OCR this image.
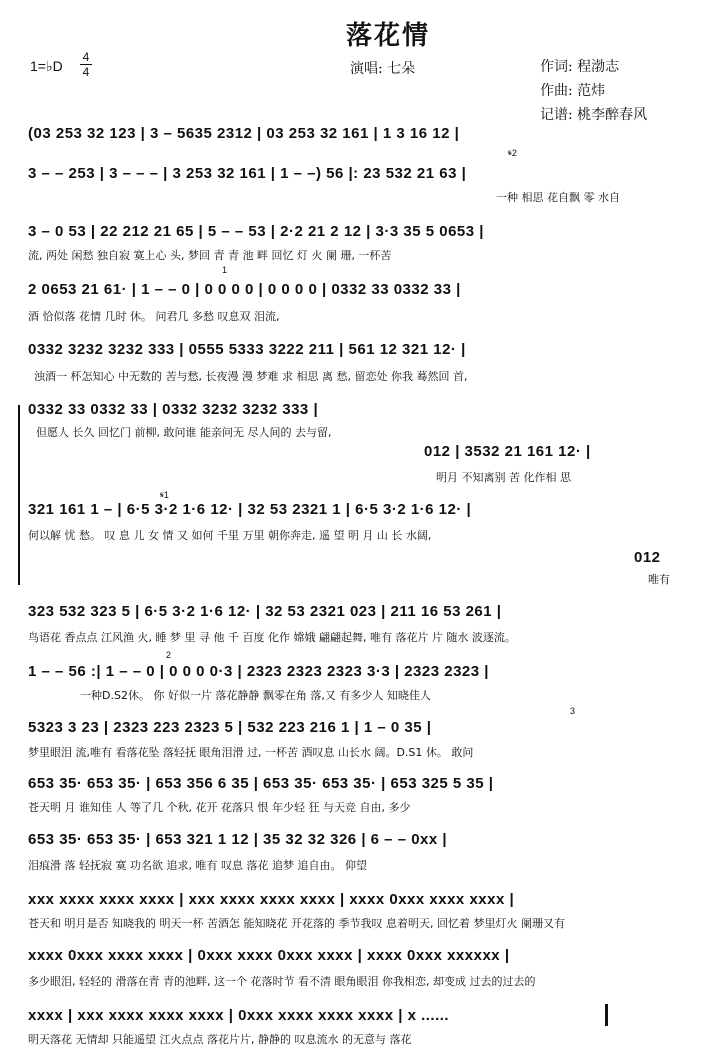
落花情
1=♭D
4
4	演唱: 七朵	作词: 程渤志
作曲: 范炜
记谱: 桃李醉春风
(03 253 32 123 | 3 – 5635 2312 | 03 253 32 161 | 1 3 16 12 |
3 – – 253 | 3 – – – | 3 253 32 161 | 1 – –) 56 |: 23 532 21 63 |
一种 相思 花自飘 零 水自
𝄋2
3 – 0 53 | 22 212 21 65 | 5 – – 53 | 2·2 21 2 12 | 3·3 35 5 0653 |
流, 两处 闲愁 独自寂 寞上心 头, 梦回 青 青 池 畔 回忆 灯 火 阑 珊, 一杯苦
2 0653 21 61· | 1 – – 0 | 0 0 0 0 | 0 0 0 0 | 0332 33 0332 33 |
酒 恰似落 花情 几时 休。 问君几 多愁 叹息双 泪流,
1
0332 3232 3232 333 | 0555 5333 3222 211 | 561 12 321 12· |
浊酒一 杯怎知心 中无数的 苦与愁, 长夜漫 漫 梦难 求 相思 离 愁, 留恋处 你我 蓦然回 首,
0332 33 0332 33 | 0332 3232 3232 333 |
但愿人 长久 回忆门 前柳, 敢问谁 能亲问无 尽人间的 去与留,
012 | 3532 21 161 12· |
明月 不知离别 苦 化作相 思
321 161 1 – | 6·5 3·2 1·6 12· | 32 53 2321 1 | 6·5 3·2 1·6 12· |
何以解 忧 愁。 叹 息 儿 女 情 又 如何 千里 万里 朝你奔走, 遥 望 明 月 山 长 水阔,
𝄋1
012
唯有
323 532 323 5 | 6·5 3·2 1·6 12· | 32 53 2321 023 | 211 16 53 261 |
鸟语花 香点点 江风渔 火, 睡 梦 里 寻 他 千 百度 化作 嫦娥 翩翩起舞, 唯有 落花片 片 随水 波逐流。
1 – – 56 :| 1 – – 0 | 0 0 0 0·3 | 2323 2323 2323 3·3 | 2323 2323 |
一种D.S2休。 你 好似一片 落花静静 飘零在角 落,又 有多少人 知晓佳人
2
5323 3 23 | 2323 223 2323 5 | 532 223 216 1 | 1 – 0 35 |
梦里眼泪 流,唯有 看落花坠 落轻抚 眼角泪滑 过, 一杯苦 酒叹息 山长水 阔。D.S1 休。 敢问
3
653 35· 653 35· | 653 356 6 35 | 653 35· 653 35· | 653 325 5 35 |
苍天明 月 谁知佳 人 等了几 个秋, 花开 花落只 恨 年少轻 狂 与天竞 自由, 多少
653 35· 653 35· | 653 321 1 12 | 35 32 32 326 | 6 – – 0xx |
泪痕滑 落 轻抚寂 寞 功名欲 追求, 唯有 叹息 落花 追梦 追自由。 仰望
xxx xxxx xxxx xxxx | xxx xxxx xxxx xxxx | xxxx 0xxx xxxx xxxx |
苍天和 明月是否 知晓我的 明天一杯 苦酒怎 能知晓花 开花落的 季节我叹 息着明天, 回忆着 梦里灯火 阑珊又有
xxxx 0xxx xxxx xxxx | 0xxx xxxx 0xxx xxxx | xxxx 0xxx xxxxxx |
多少眼泪, 轻轻的 滑落在青 青的池畔, 这一个 花落时节 看不清 眼角眼泪 你我相恋, 却变成 过去的过去的
xxxx | xxx xxxx xxxx xxxx | 0xxx xxxx xxxx xxxx | x ......
明天落花 无情却 只能遥望 江火点点 落花片片, 静静的 叹息流水 的无意与 落花
